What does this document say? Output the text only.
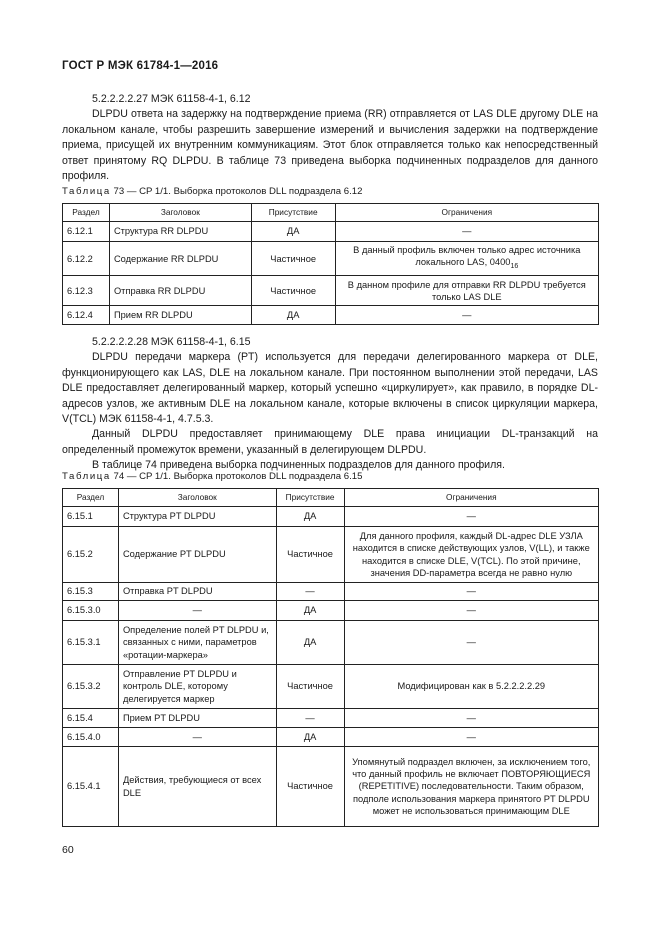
ГОСТ Р МЭК 61784-1—2016

5.2.2.2.2.27 МЭК 61158-4-1, 6.12

DLPDU ответа на задержку на подтверждение приема (RR) отправляется от LAS DLE другому DLE на локальном канале, чтобы разрешить завершение измерений и вычисления задержки на подтверждение приема, присущей их внутренним коммуникациям. Этот блок отправляется только как непосредственный ответ принятому RQ DLPDU. В таблице 73 приведена выборка подчиненных подразделов для данного профиля.

Таблица 73 — CP 1/1. Выборка протоколов DLL подраздела 6.12
Раздел	Заголовок	Присутствие	Ограничения
6.12.1	Структура RR DLPDU	ДА	—
6.12.2	Содержание RR DLPDU	Частичное	В данный профиль включен только адрес источника локального LAS, $0400_{16}$
6.12.3	Отправка RR DLPDU	Частичное	В данном профиле для отправки RR DLPDU требуется только LAS DLE
6.12.4	Прием RR DLPDU	ДА	—

5.2.2.2.2.28 МЭК 61158-4-1, 6.15

DLPDU передачи маркера (PT) используется для передачи делегированного маркера от DLE, функционирующего как LAS, DLE на локальном канале. При постоянном выполнении этой передачи, LAS DLE предоставляет делегированный маркер, который успешно «циркулирует», как правило, в порядке DL-адресов узлов, же активным DLE на локальном канале, которые включены в список циркуляции маркера, V(TCL) МЭК 61158-4-1, 4.7.5.3.

Данный DLPDU предоставляет принимающему DLE права инициации DL-транзакций на определенный промежуток времени, указанный в делегирующем DLPDU.

В таблице 74 приведена выборка подчиненных подразделов для данного профиля.

Таблица 74 — CP 1/1. Выборка протоколов DLL подраздела 6.15
Раздел	Заголовок	Присутствие	Ограничения
6.15.1	Структура PT DLPDU	ДА	—
6.15.2	Содержание PT DLPDU	Частичное	Для данного профиля, каждый DL-адрес DLE УЗЛА находится в списке действующих узлов, V(LL), и также находится в списке DLE, V(TCL). По этой причине, значения DD-параметра всегда не равно нулю
6.15.3	Отправка PT DLPDU	—	—
6.15.3.0	—	ДА	—
6.15.3.1	Определение полей PT DLPDU и, связанных с ними, параметров «ротации-маркера»	ДА	—
6.15.3.2	Отправление PT DLPDU и контроль DLE, которому делегируется маркер	Частичное	Модифицирован как в 5.2.2.2.2.29
6.15.4	Прием PT DLPDU	—	—
6.15.4.0	—	ДА	—
6.15.4.1	Действия, требующиеся от всех DLE	Частичное	Упомянутый подраздел включен, за исключением того, что данный профиль не включает ПОВТОРЯЮЩИЕСЯ (REPETITIVE) последовательности. Таким образом, подполе использования маркера принятого PT DLPDU может не использоваться принимающим DLE
60
